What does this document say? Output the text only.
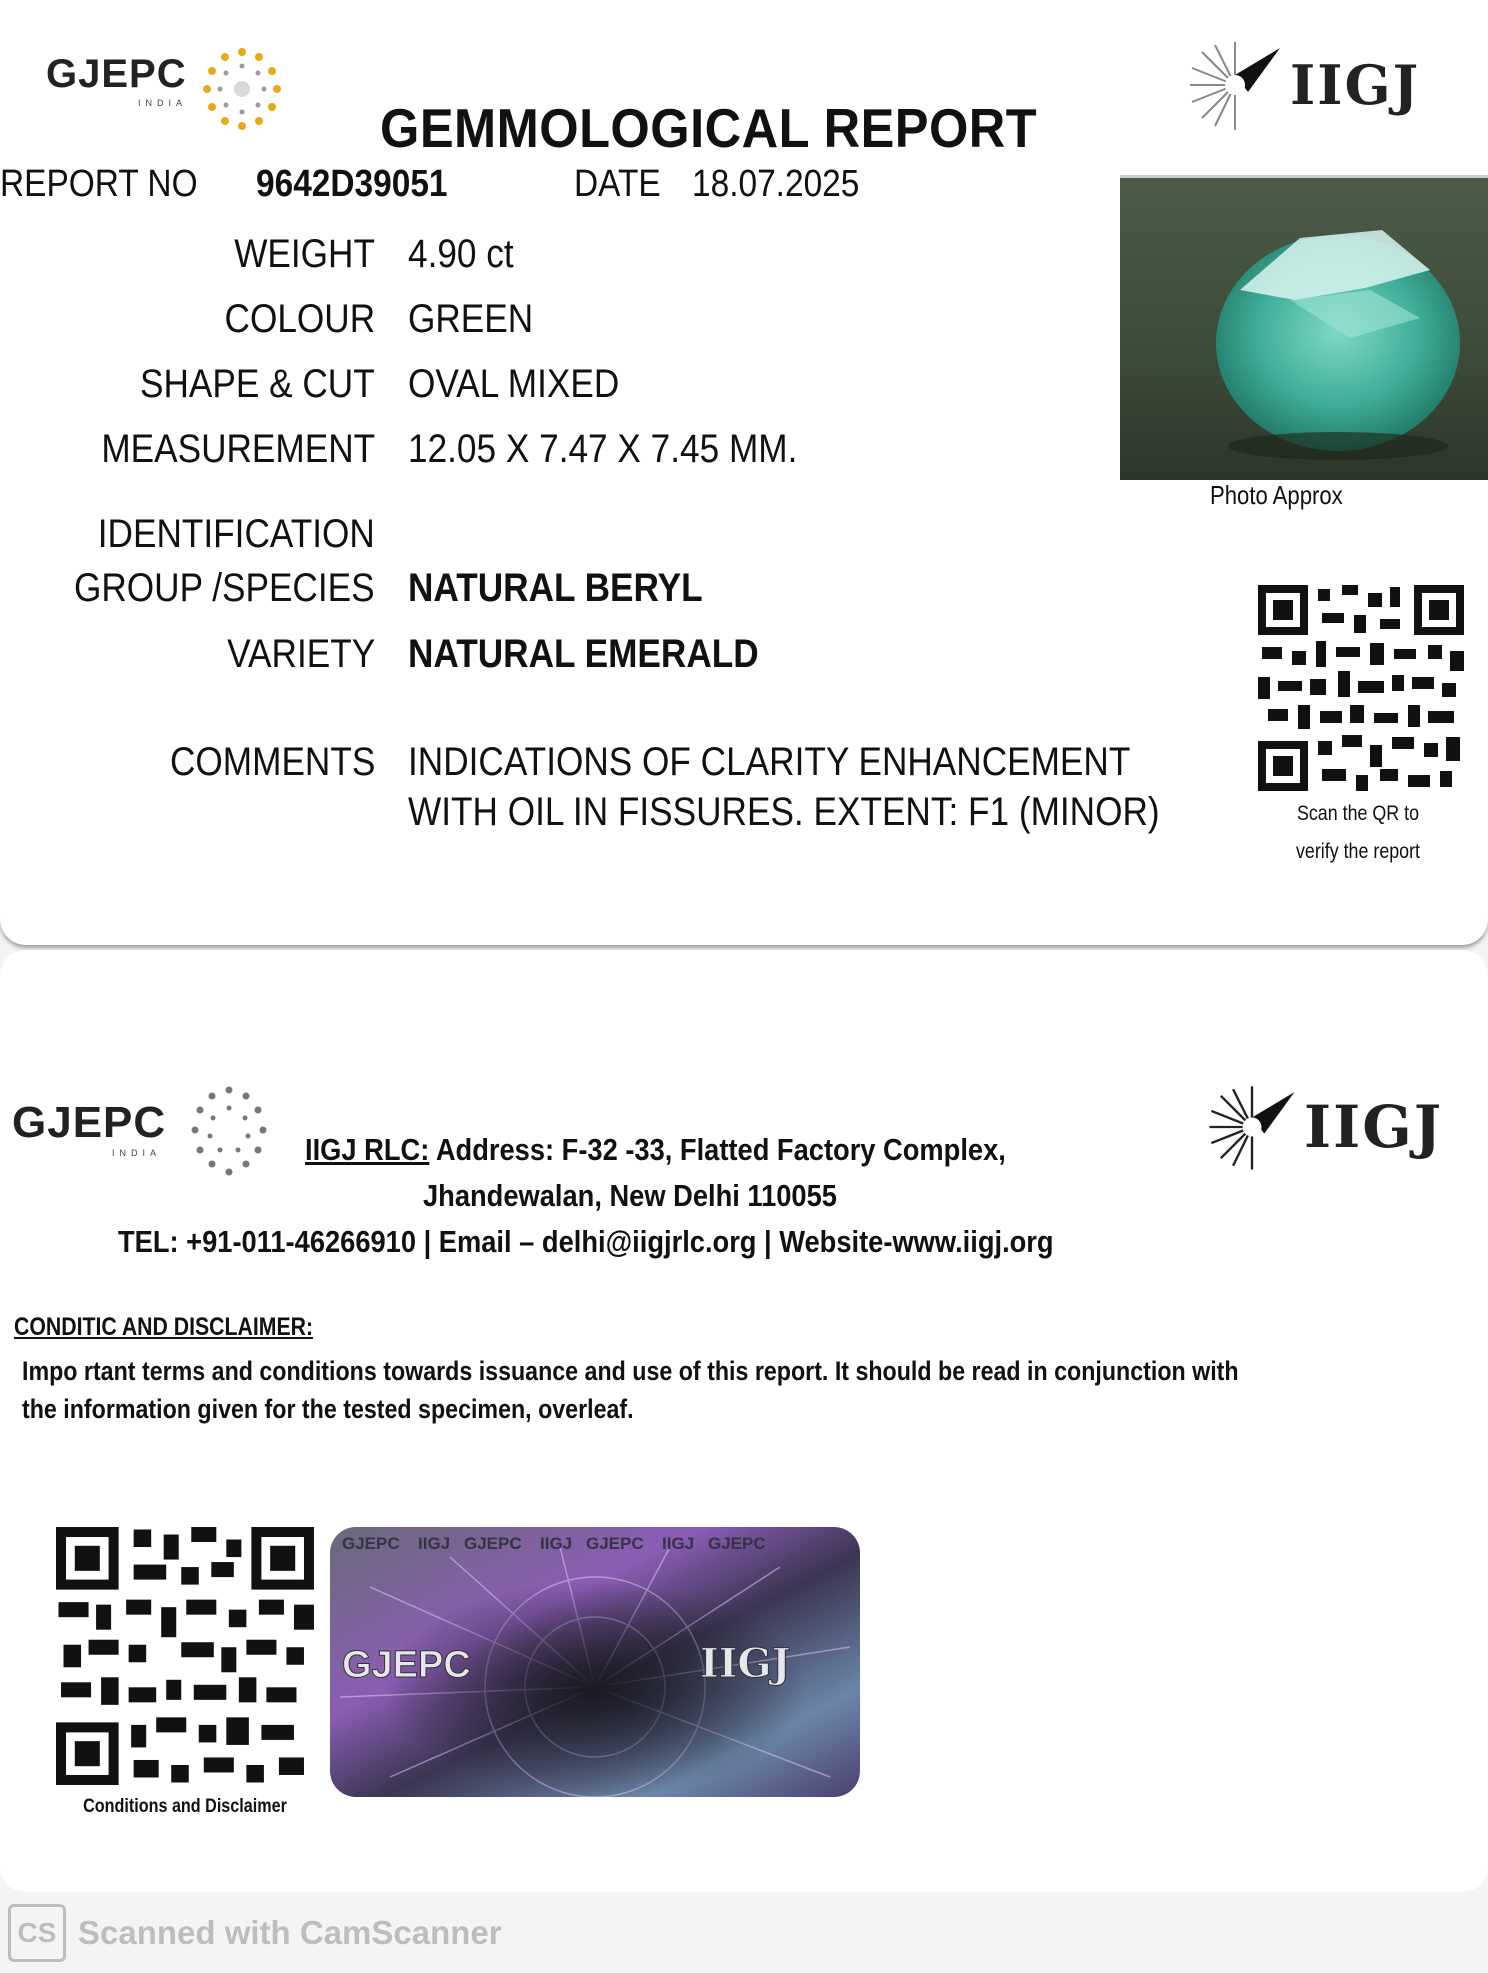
GJEPC
INDIA	IIGJ
GEMMOLOGICAL REPORT
REPORT NO 9642D39051	DATE 18.07.2025
WEIGHT 4.90 ct
COLOUR GREEN
SHAPE & CUT OVAL MIXED
MEASUREMENT 12.05 X 7.47 X 7.45 MM.
IDENTIFICATION
GROUP /SPECIES NATURAL BERYL
VARIETY NATURAL EMERALD
COMMENTS INDICATIONS OF CLARITY ENHANCEMENT
WITH OIL IN FISSURES. EXTENT: F1 (MINOR)
Photo Approx
Scan the QR to
verify the report
GJEPC
INDIA	IIGJ
IIGJ RLC: Address: F-32 -33, Flatted Factory Complex,
Jhandewalan, New Delhi 110055
TEL: +91-011-46266910 | Email – delhi@iigjrlc.org | Website-www.iigj.org
CONDITIC AND DISCLAIMER:
Impo rtant terms and conditions towards issuance and use of this report. It should be read in conjunction with
the information given for the tested specimen, overleaf.
Conditions and Disclaimer
GJEPC IIGJ GJEPC IIGJ GJEPC IIGJ GJEPC
GJEPC	IIGJ
CS Scanned with CamScanner
